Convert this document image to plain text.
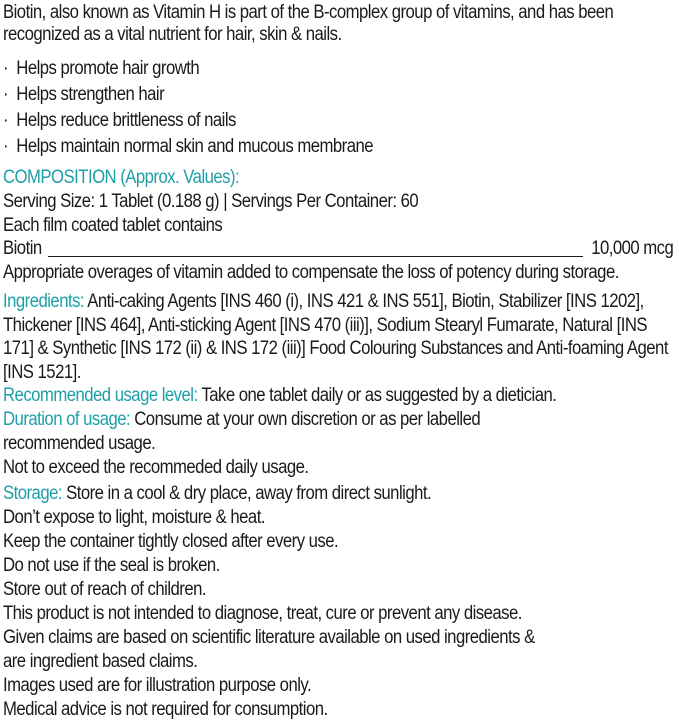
Biotin, also known as Vitamin H is part of the B-complex group of vitamins, and has been
recognized as a vital nutrient for hair, skin & nails.
· Helps promote hair growth
· Helps strengthen hair
· Helps reduce brittleness of nails
· Helps maintain normal skin and mucous membrane
COMPOSITION (Approx. Values):
Serving Size: 1 Tablet (0.188 g) | Servings Per Container: 60
Each film coated tablet contains
Biotin	10,000 mcg
Appropriate overages of vitamin added to compensate the loss of potency during storage.
Ingredients: Anti-caking Agents [INS 460 (i), INS 421 & INS 551], Biotin, Stabilizer [INS 1202],
Thickener [INS 464], Anti-sticking Agent [INS 470 (iii)], Sodium Stearyl Fumarate, Natural [INS
171] & Synthetic [INS 172 (ii) & INS 172 (iii)] Food Colouring Substances and Anti-foaming Agent
[INS 1521].
Recommended usage level: Take one tablet daily or as suggested by a dietician.
Duration of usage: Consume at your own discretion or as per labelled
recommended usage.
Not to exceed the recommeded daily usage.
Storage: Store in a cool & dry place, away from direct sunlight.
Don’t expose to light, moisture & heat.
Keep the container tightly closed after every use.
Do not use if the seal is broken.
Store out of reach of children.
This product is not intended to diagnose, treat, cure or prevent any disease.
Given claims are based on scientific literature available on used ingredients &
are ingredient based claims.
Images used are for illustration purpose only.
Medical advice is not required for consumption.
